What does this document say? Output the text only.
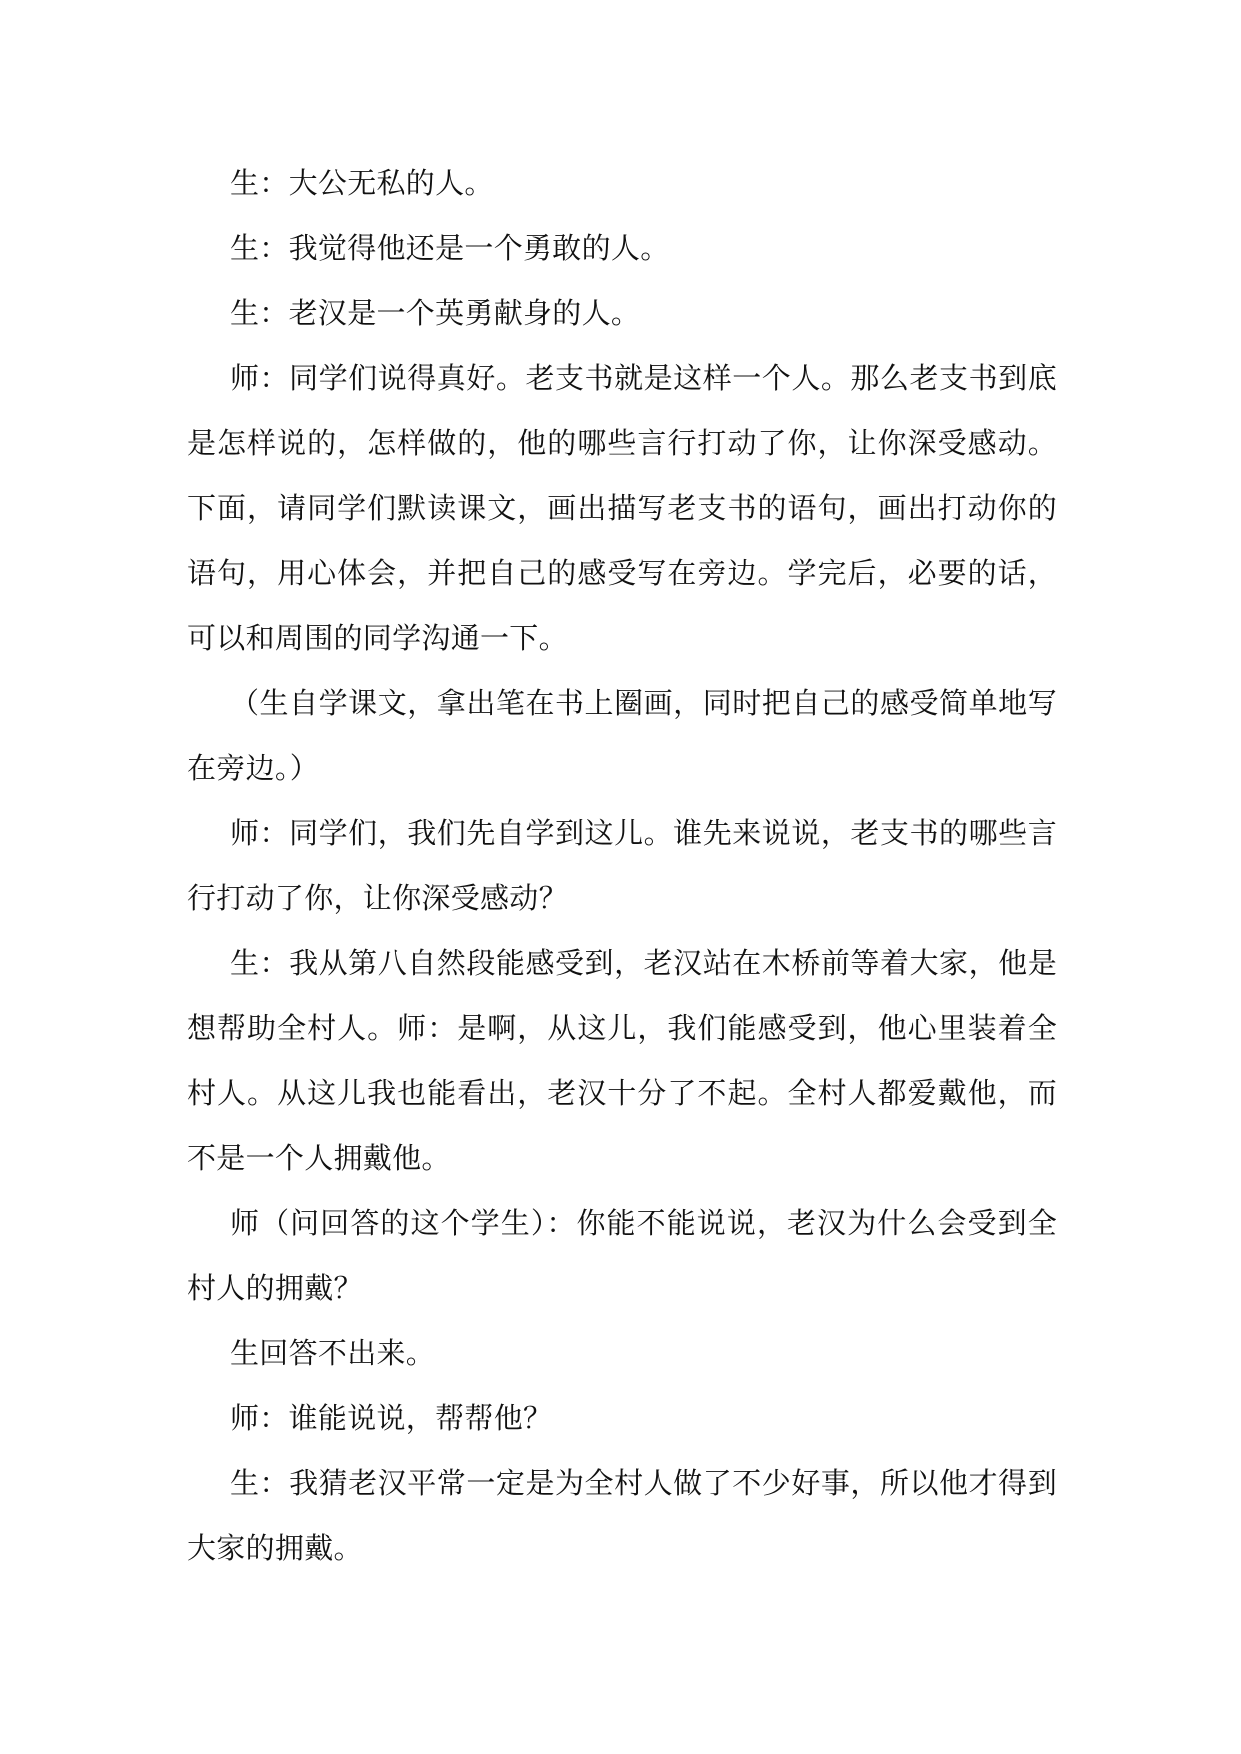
生：大公无私的人。

生：我觉得他还是一个勇敢的人。

生：老汉是一个英勇献身的人。

师：同学们说得真好。老支书就是这样一个人。那么老支书到底是怎样说的，怎样做的，他的哪些言行打动了你，让你深受感动。下面，请同学们默读课文，画出描写老支书的语句，画出打动你的语句，用心体会，并把自己的感受写在旁边。学完后，必要的话，可以和周围的同学沟通一下。

（生自学课文，拿出笔在书上圈画，同时把自己的感受简单地写在旁边。）

师：同学们，我们先自学到这儿。谁先来说说，老支书的哪些言行打动了你，让你深受感动？

生：我从第八自然段能感受到，老汉站在木桥前等着大家，他是想帮助全村人。师：是啊，从这儿，我们能感受到，他心里装着全村人。从这儿我也能看出，老汉十分了不起。全村人都爱戴他，而不是一个人拥戴他。

师（问回答的这个学生）：你能不能说说，老汉为什么会受到全村人的拥戴？

生回答不出来。

师：谁能说说，帮帮他？

生：我猜老汉平常一定是为全村人做了不少好事，所以他才得到大家的拥戴。
